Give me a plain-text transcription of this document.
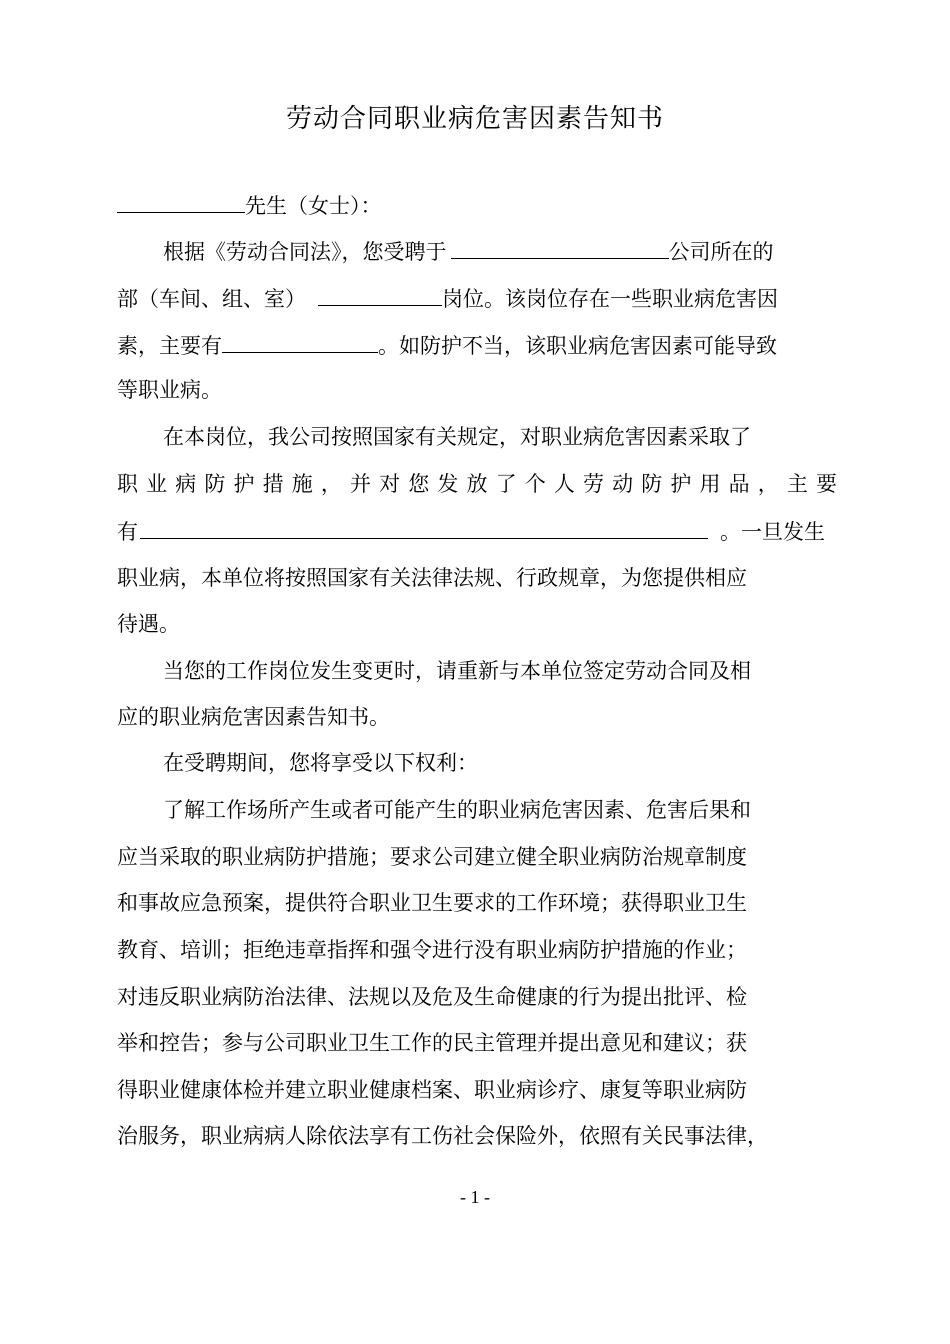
劳动合同职业病危害因素告知书
先生（女士）：
根据《劳动合同法》，您受聘于	公司所在的
部（车间、组、室）	岗位。该岗位存在一些职业病危害因
素，主要有	。如防护不当，该职业病危害因素可能导致
等职业病。
在本岗位，我公司按照国家有关规定，对职业病危害因素采取了
职 业 病 防 护 措 施 ， 并 对 您 发 放 了 个 人 劳 动 防 护 用 品 ， 主 要
有	。一旦发生
职业病，本单位将按照国家有关法律法规、行政规章，为您提供相应
待遇。
当您的工作岗位发生变更时，请重新与本单位签定劳动合同及相
应的职业病危害因素告知书。
在受聘期间，您将享受以下权利：
了解工作场所产生或者可能产生的职业病危害因素、危害后果和
应当采取的职业病防护措施；要求公司建立健全职业病防治规章制度
和事故应急预案，提供符合职业卫生要求的工作环境；获得职业卫生
教育、培训；拒绝违章指挥和强令进行没有职业病防护措施的作业；
对违反职业病防治法律、法规以及危及生命健康的行为提出批评、检
举和控告；参与公司职业卫生工作的民主管理并提出意见和建议；获
得职业健康体检并建立职业健康档案、职业病诊疗、康复等职业病防
治服务，职业病病人除依法享有工伤社会保险外，依照有关民事法律，
- 1 -
